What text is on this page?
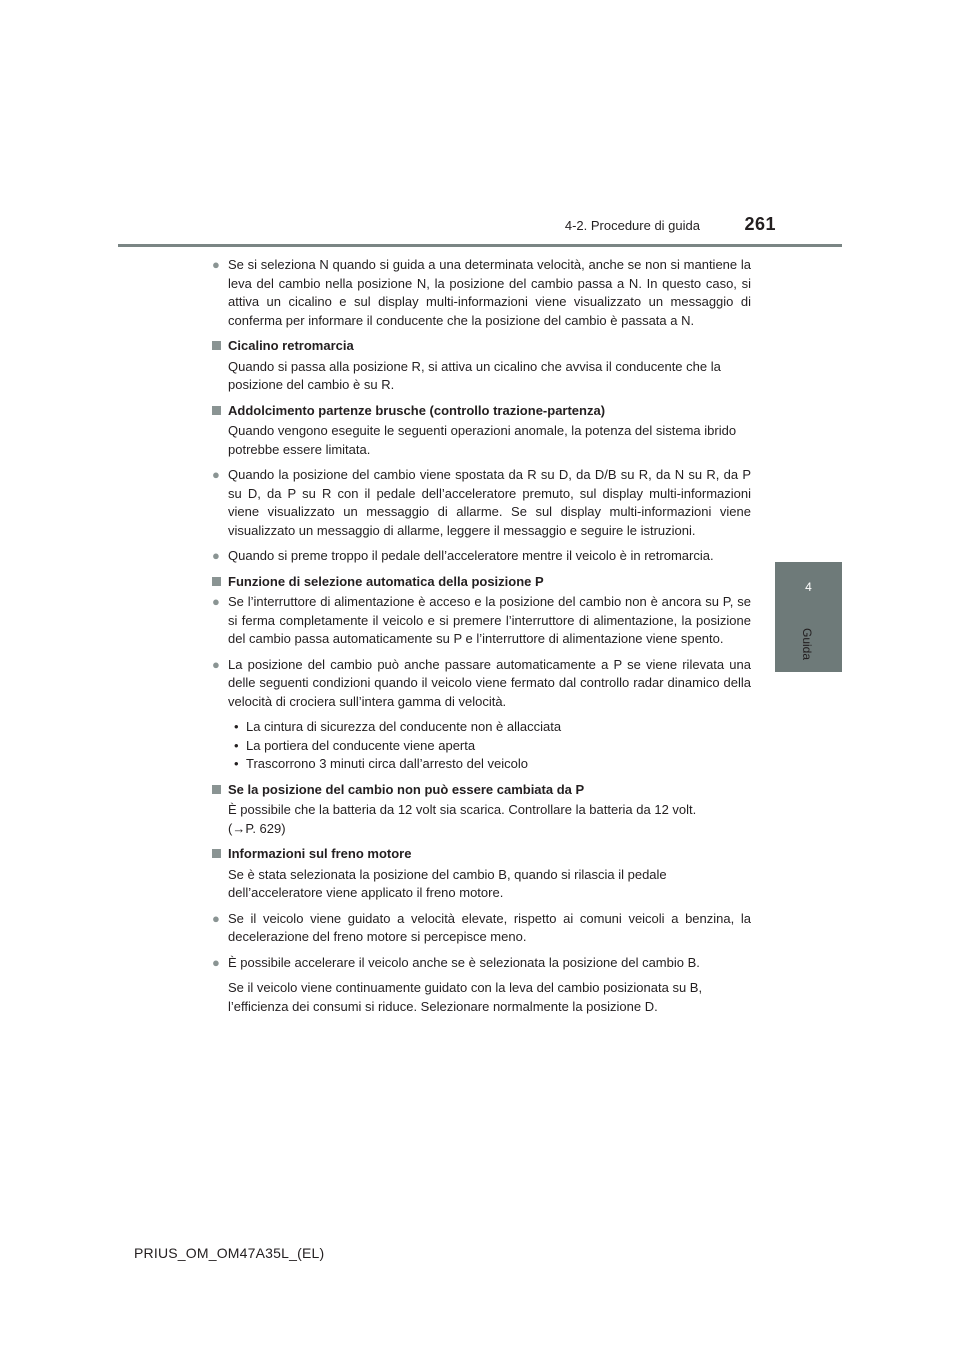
4-2. Procedure di guida 261
4
Guida
● Se si seleziona N quando si guida a una determinata velocità, anche se non si mantiene la leva del cambio nella posizione N, la posizione del cambio passa a N. In questo caso, si attiva un cicalino e sul display multi-informazioni viene visualizzato un messaggio di conferma per informare il conducente che la posizione del cambio è passata a N.
Cicalino retromarcia
Quando si passa alla posizione R, si attiva un cicalino che avvisa il conducente che la posizione del cambio è su R.
Addolcimento partenze brusche (controllo trazione-partenza)
Quando vengono eseguite le seguenti operazioni anomale, la potenza del sistema ibrido potrebbe essere limitata.
● Quando la posizione del cambio viene spostata da R su D, da D/B su R, da N su R, da P su D, da P su R con il pedale dell’acceleratore premuto, sul display multi-informazioni viene visualizzato un messaggio di allarme. Se sul display multi-informazioni viene visualizzato un messaggio di allarme, leggere il messaggio e seguire le istruzioni.
● Quando si preme troppo il pedale dell’acceleratore mentre il veicolo è in retromarcia.
Funzione di selezione automatica della posizione P
● Se l’interruttore di alimentazione è acceso e la posizione del cambio non è ancora su P, se si ferma completamente il veicolo e si premere l’interruttore di alimentazione, la posizione del cambio passa automaticamente su P e l’interruttore di alimentazione viene spento.
● La posizione del cambio può anche passare automaticamente a P se viene rilevata una delle seguenti condizioni quando il veicolo viene fermato dal controllo radar dinamico della velocità di crociera sull’intera gamma di velocità.
• La cintura di sicurezza del conducente non è allacciata
• La portiera del conducente viene aperta
• Trascorrono 3 minuti circa dall’arresto del veicolo
Se la posizione del cambio non può essere cambiata da P
È possibile che la batteria da 12 volt sia scarica. Controllare la batteria da 12 volt.
(→P. 629)
Informazioni sul freno motore
Se è stata selezionata la posizione del cambio B, quando si rilascia il pedale dell’acceleratore viene applicato il freno motore.
● Se il veicolo viene guidato a velocità elevate, rispetto ai comuni veicoli a benzina, la decelerazione del freno motore si percepisce meno.
● È possibile accelerare il veicolo anche se è selezionata la posizione del cambio B.
Se il veicolo viene continuamente guidato con la leva del cambio posizionata su B, l’efficienza dei consumi si riduce. Selezionare normalmente la posizione D.
PRIUS_OM_OM47A35L_(EL)
